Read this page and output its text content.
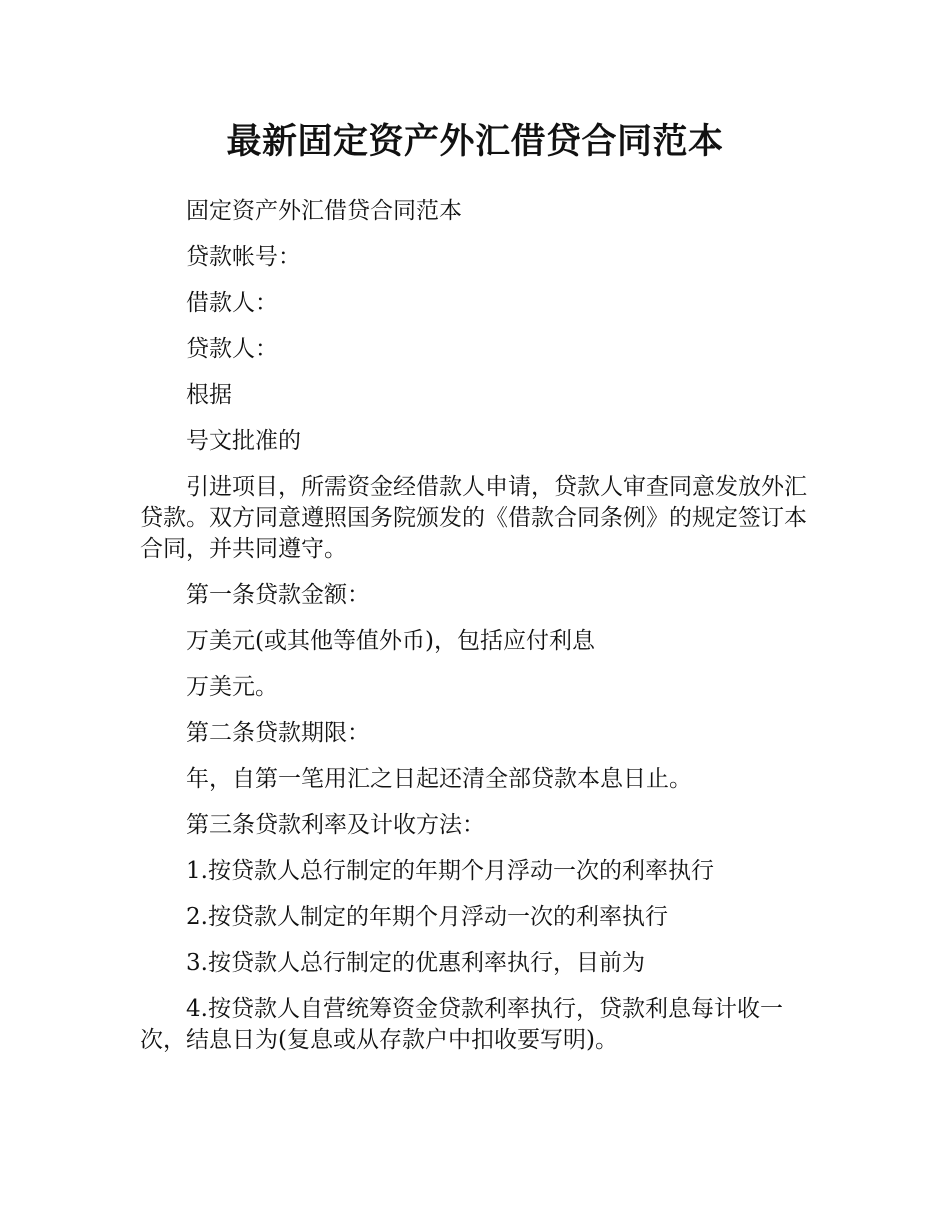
最新固定资产外汇借贷合同范本

固定资产外汇借贷合同范本

贷款帐号：

借款人：

贷款人：

根据

号文批准的

引进项目，所需资金经借款人申请，贷款人审查同意发放外汇贷款。双方同意遵照国务院颁发的《借款合同条例》的规定签订本合同，并共同遵守。

第一条贷款金额：

万美元(或其他等值外币)，包括应付利息

万美元。

第二条贷款期限：

年，自第一笔用汇之日起还清全部贷款本息日止。

第三条贷款利率及计收方法：

1.按贷款人总行制定的年期个月浮动一次的利率执行

2.按贷款人制定的年期个月浮动一次的利率执行

3.按贷款人总行制定的优惠利率执行，目前为

4.按贷款人自营统筹资金贷款利率执行，贷款利息每计收一次，结息日为(复息或从存款户中扣收要写明)。
